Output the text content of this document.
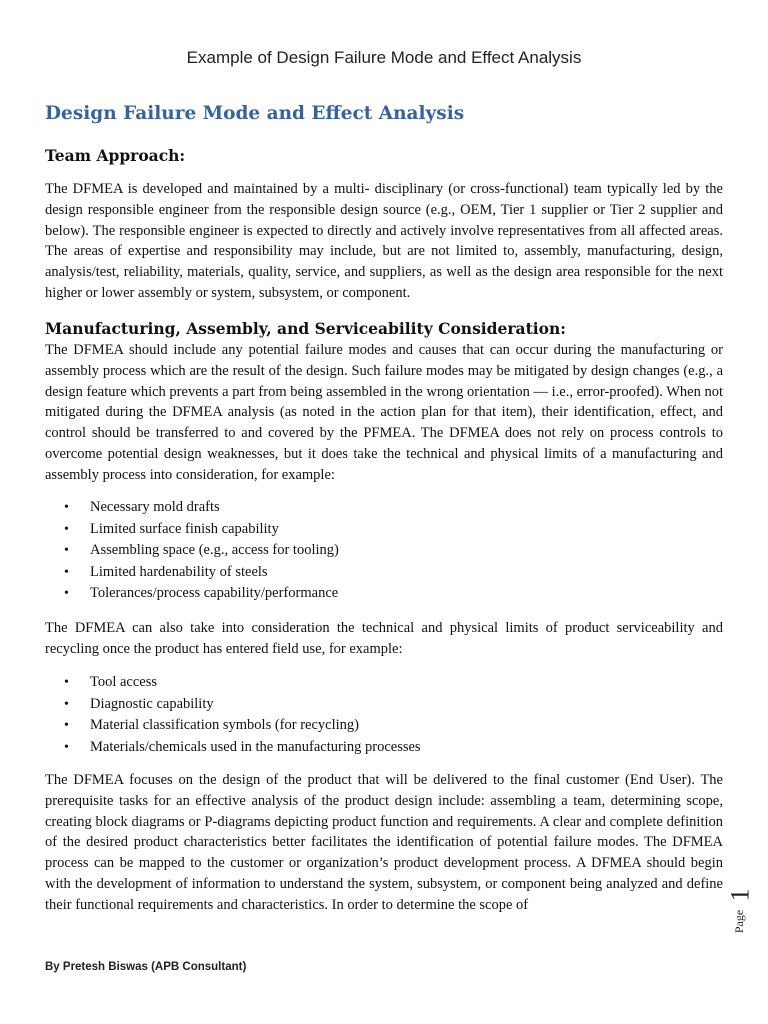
Example of Design Failure Mode and Effect Analysis
Design Failure Mode and Effect Analysis
Team Approach:

The DFMEA is developed and maintained by a multi- disciplinary (or cross-functional) team typically led by the design responsible engineer from the responsible design source (e.g., OEM, Tier 1 supplier or Tier 2 supplier and below). The responsible engineer is expected to directly and actively involve representatives from all affected areas. The areas of expertise and responsibility may include, but are not limited to, assembly, manufacturing, design, analysis/test, reliability, materials, quality, service, and suppliers, as well as the design area responsible for the next higher or lower assembly or system, subsystem, or component.

Manufacturing, Assembly, and Serviceability Consideration:

The DFMEA should include any potential failure modes and causes that can occur during the manufacturing or assembly process which are the result of the design. Such failure modes may be mitigated by design changes (e.g., a design feature which prevents a part from being assembled in the wrong orientation — i.e., error-proofed). When not mitigated during the DFMEA analysis (as noted in the action plan for that item), their identification, effect, and control should be transferred to and covered by the PFMEA. The DFMEA does not rely on process controls to overcome potential design weaknesses, but it does take the technical and physical limits of a manufacturing and assembly process into consideration, for example:

• Necessary mold drafts
• Limited surface finish capability
• Assembling space (e.g., access for tooling)
• Limited hardenability of steels
• Tolerances/process capability/performance

The DFMEA can also take into consideration the technical and physical limits of product serviceability and recycling once the product has entered field use, for example:

• Tool access
• Diagnostic capability
• Material classification symbols (for recycling)
• Materials/chemicals used in the manufacturing processes

The DFMEA focuses on the design of the product that will be delivered to the final customer (End User). The prerequisite tasks for an effective analysis of the product design include: assembling a team, determining scope, creating block diagrams or P-diagrams depicting product function and requirements. A clear and complete definition of the desired product characteristics better facilitates the identification of potential failure modes. The DFMEA process can be mapped to the customer or organization’s product development process. A DFMEA should begin with the development of information to understand the system, subsystem, or component being analyzed and define their functional requirements and characteristics. In order to determine the scope of

By Pretesh Biswas (APB Consultant)
Page
1
